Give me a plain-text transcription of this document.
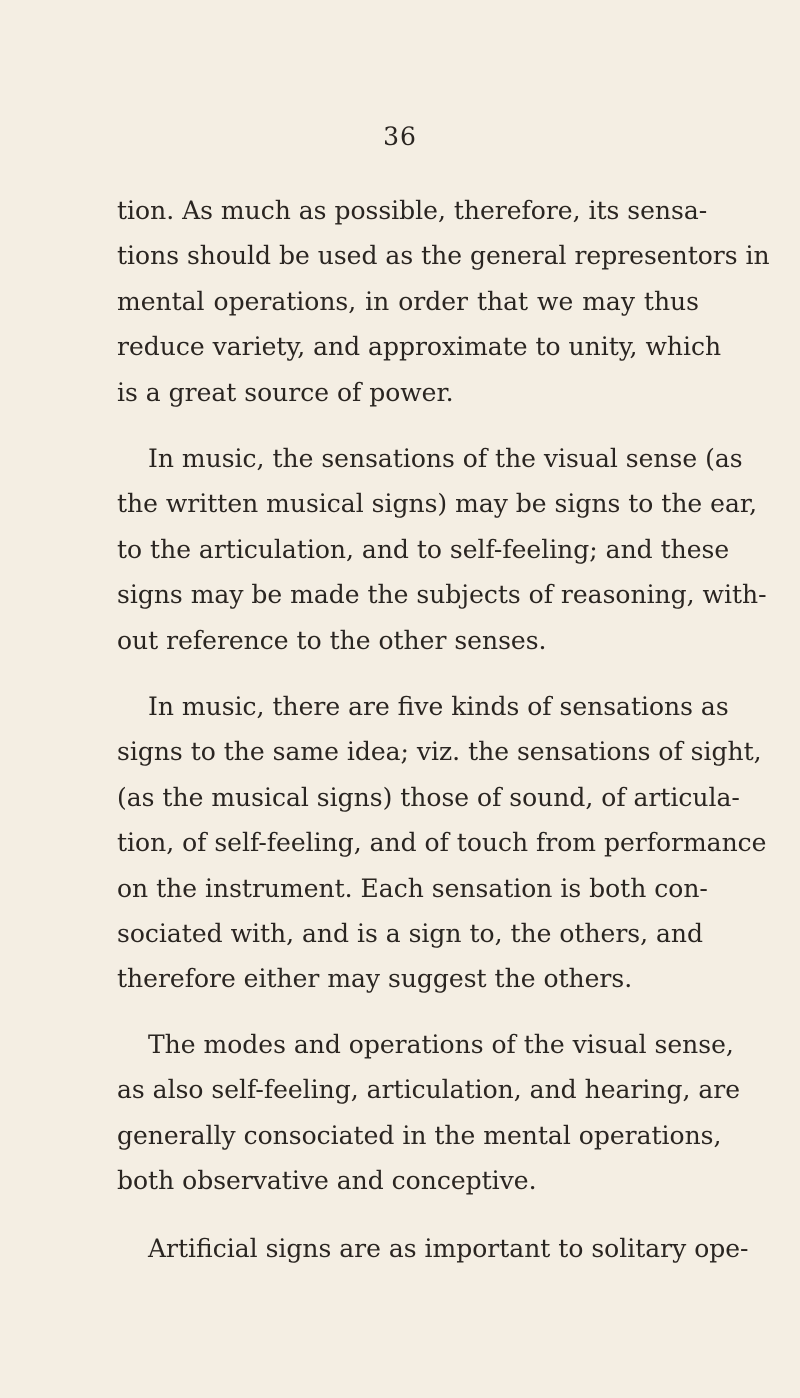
36
tion. As much as possible, therefore, its sensa-
tions should be used as the general representors in
mental operations, in order that we may thus
reduce variety, and approximate to unity, which
is a great source of power.
In music, the sensations of the visual sense (as
the written musical signs) may be signs to the ear,
to the articulation, and to self-feeling; and these
signs may be made the subjects of reasoning, with-
out reference to the other senses.
In music, there are five kinds of sensations as
signs to the same idea; viz. the sensations of sight,
(as the musical signs) those of sound, of articula-
tion, of self-feeling, and of touch from performance
on the instrument. Each sensation is both con-
sociated with, and is a sign to, the others, and
therefore either may suggest the others.
The modes and operations of the visual sense,
as also self-feeling, articulation, and hearing, are
generally consociated in the mental operations,
both observative and conceptive.
Artificial signs are as important to solitary ope-
